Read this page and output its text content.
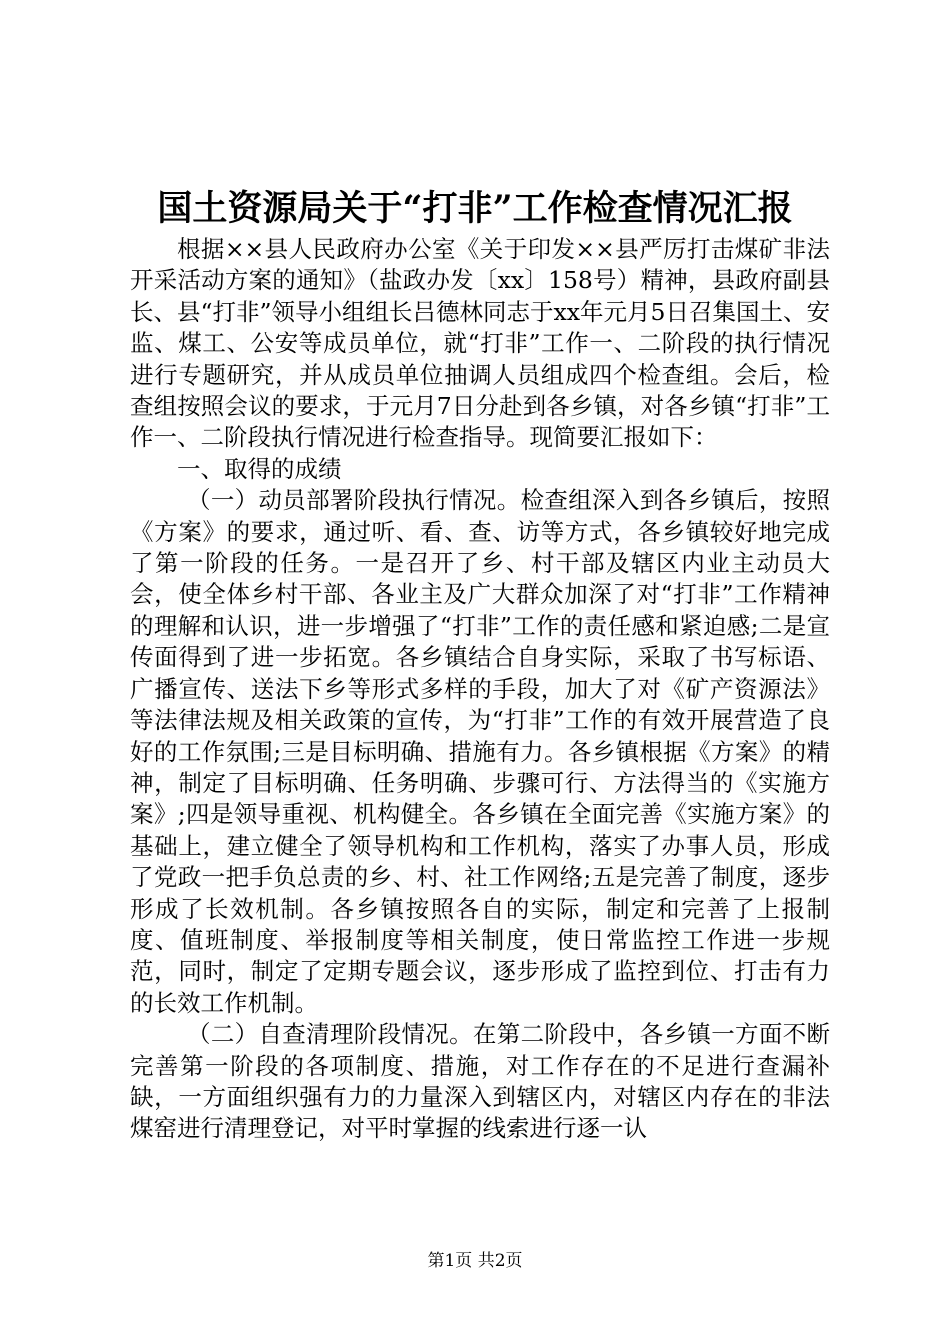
国土资源局关于“打非”工作检查情况汇报

根据××县人民政府办公室《关于印发××县严厉打击煤矿非法开采活动方案的通知》（盐政办发〔xx〕158号）精神，县政府副县长、县“打非”领导小组组长吕德林同志于xx年元月5日召集国土、安监、煤工、公安等成员单位，就“打非”工作一、二阶段的执行情况进行专题研究，并从成员单位抽调人员组成四个检查组。会后，检查组按照会议的要求，于元月7日分赴到各乡镇，对各乡镇“打非”工作一、二阶段执行情况进行检查指导。现简要汇报如下：

一、取得的成绩

（一）动员部署阶段执行情况。检查组深入到各乡镇后，按照《方案》的要求，通过听、看、查、访等方式，各乡镇较好地完成了第一阶段的任务。一是召开了乡、村干部及辖区内业主动员大会，使全体乡村干部、各业主及广大群众加深了对“打非”工作精神的理解和认识，进一步增强了“打非”工作的责任感和紧迫感;二是宣传面得到了进一步拓宽。各乡镇结合自身实际，采取了书写标语、广播宣传、送法下乡等形式多样的手段，加大了对《矿产资源法》等法律法规及相关政策的宣传，为“打非”工作的有效开展营造了良好的工作氛围;三是目标明确、措施有力。各乡镇根据《方案》的精神，制定了目标明确、任务明确、步骤可行、方法得当的《实施方案》;四是领导重视、机构健全。各乡镇在全面完善《实施方案》的基础上，建立健全了领导机构和工作机构，落实了办事人员，形成了党政一把手负总责的乡、村、社工作网络;五是完善了制度，逐步形成了长效机制。各乡镇按照各自的实际，制定和完善了上报制度、值班制度、举报制度等相关制度，使日常监控工作进一步规范，同时，制定了定期专题会议，逐步形成了监控到位、打击有力的长效工作机制。

（二）自查清理阶段情况。在第二阶段中，各乡镇一方面不断完善第一阶段的各项制度、措施，对工作存在的不足进行查漏补缺，一方面组织强有力的力量深入到辖区内，对辖区内存在的非法煤窑进行清理登记，对平时掌握的线索进行逐一认

第1页 共2页
